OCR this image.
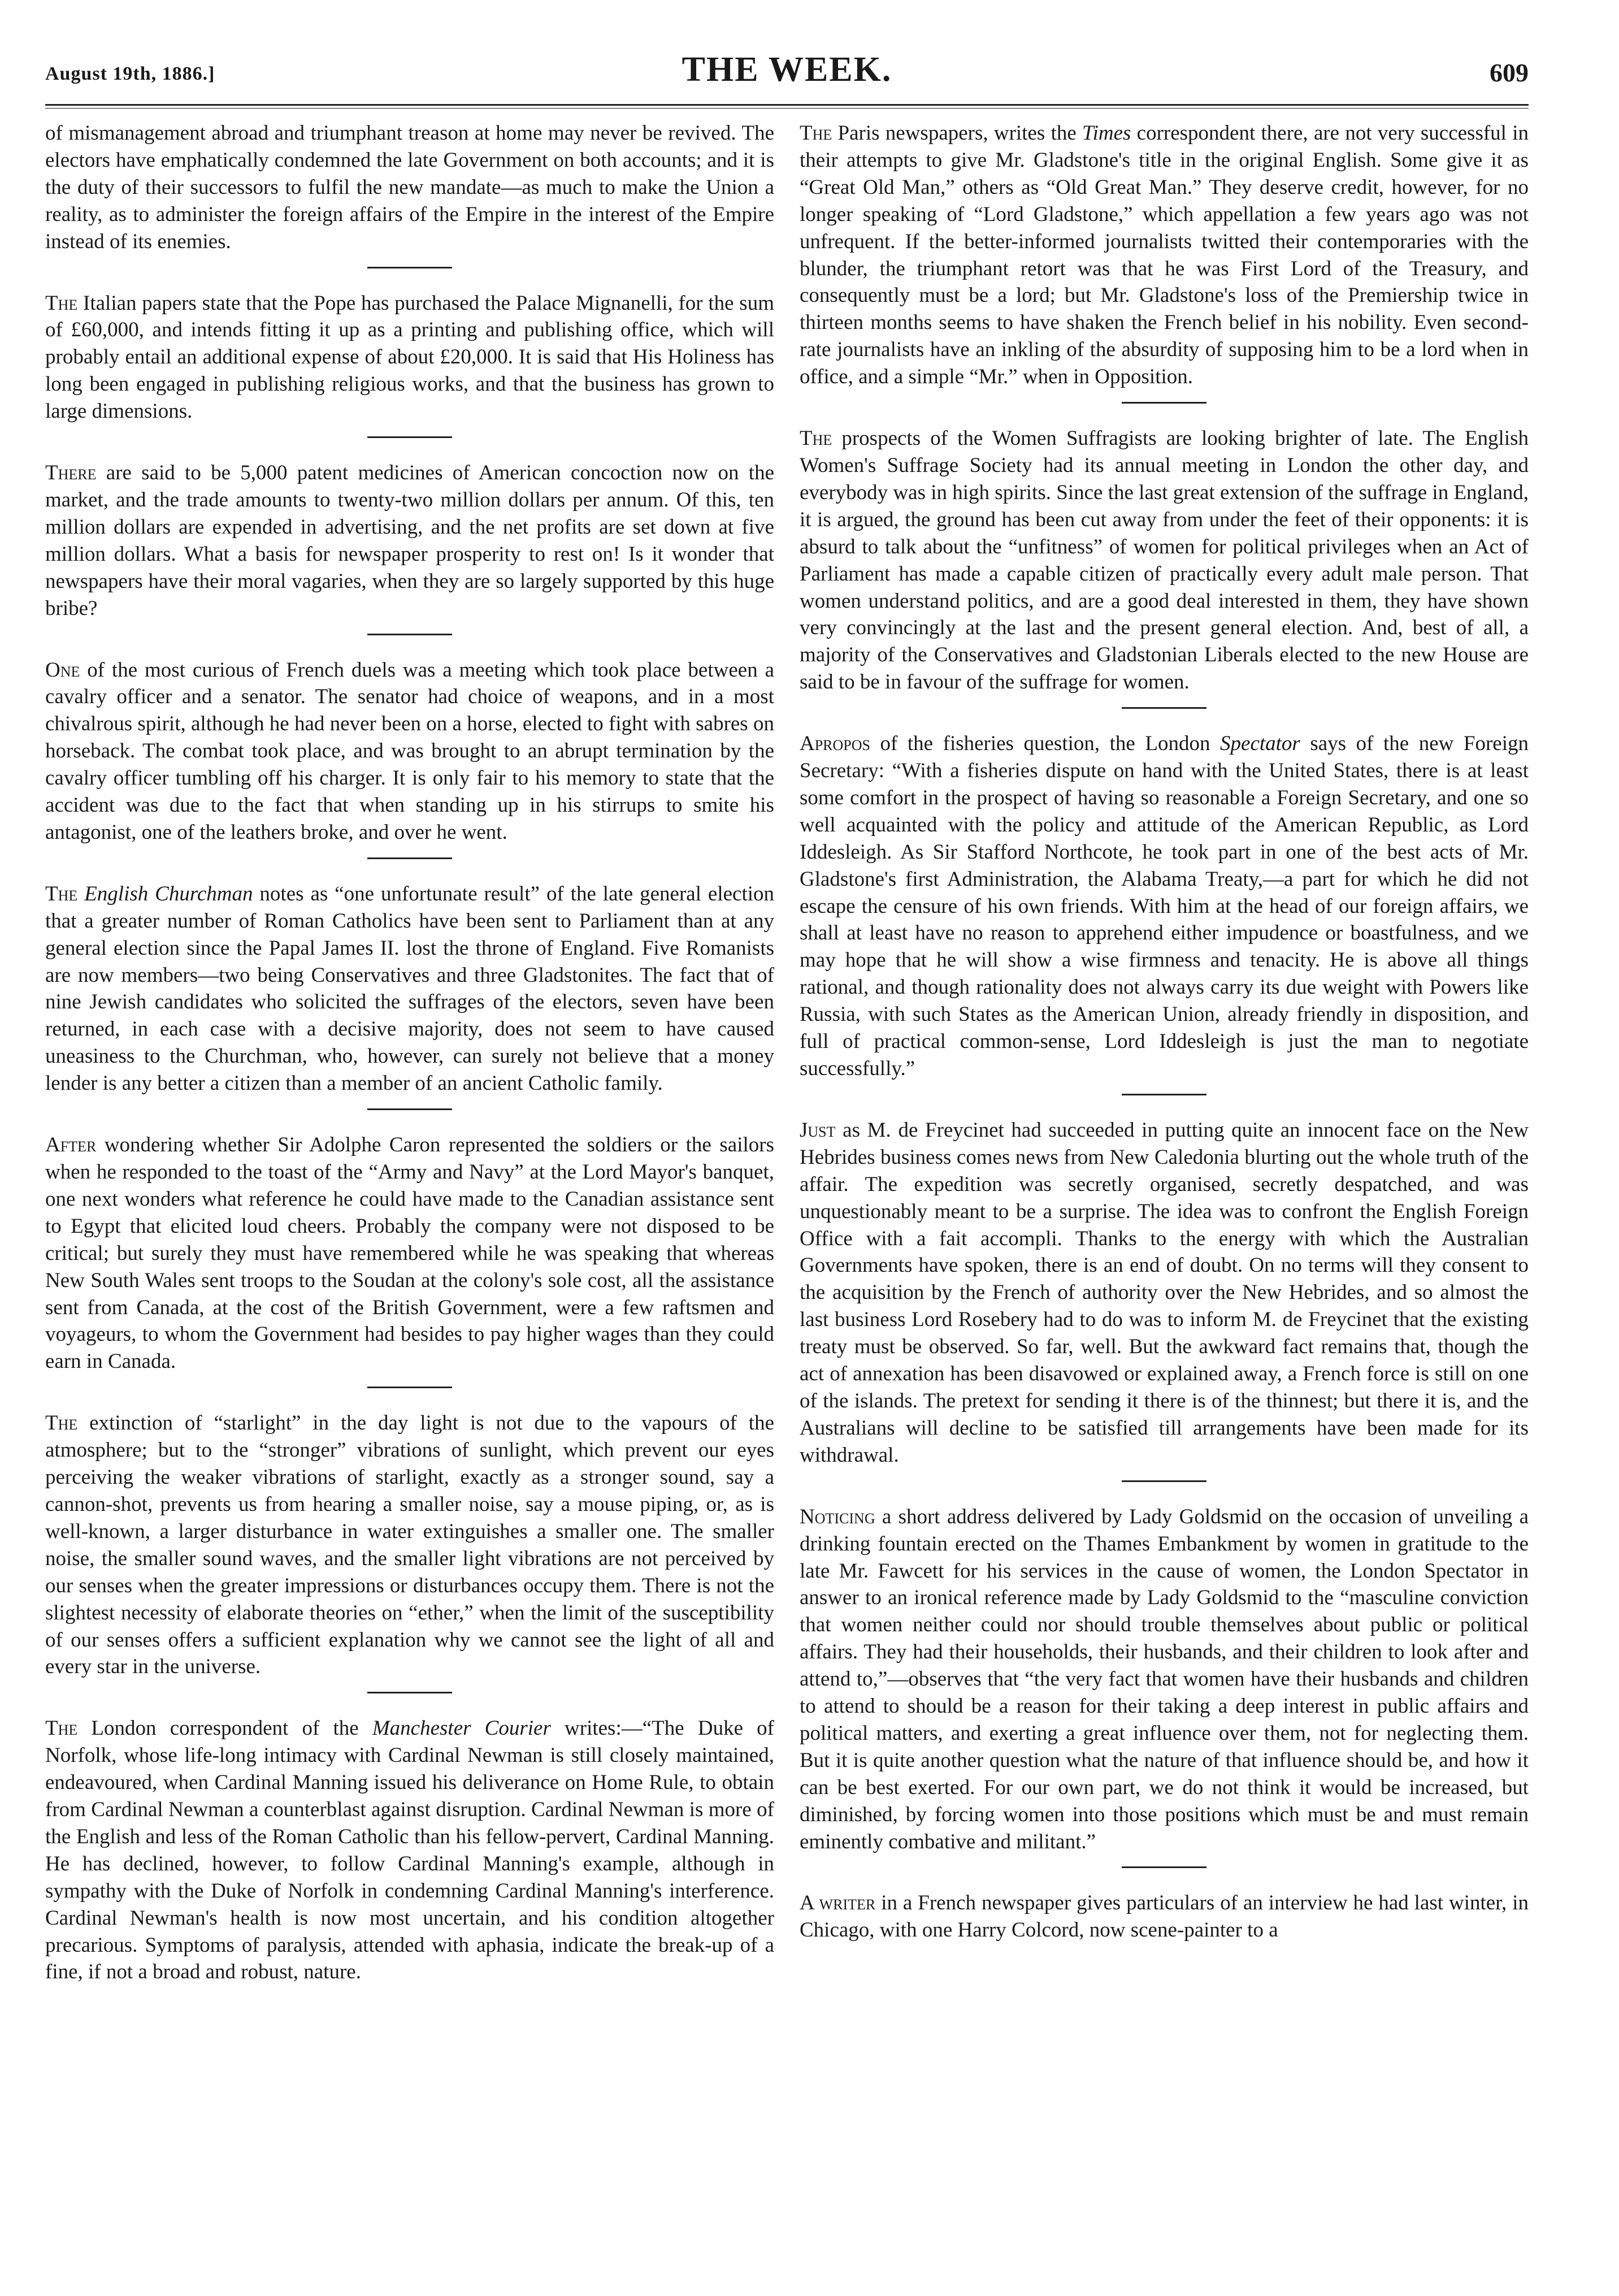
August 19th, 1886.]	THE WEEK.	609

of mismanagement abroad and triumphant treason at home may never be revived. The electors have emphatically condemned the late Government on both accounts; and it is the duty of their successors to fulfil the new mandate—as much to make the Union a reality, as to administer the foreign affairs of the Empire in the interest of the Empire instead of its enemies.

The Italian papers state that the Pope has purchased the Palace Mignanelli, for the sum of £60,000, and intends fitting it up as a printing and publishing office, which will probably entail an additional expense of about £20,000. It is said that His Holiness has long been engaged in publishing religious works, and that the business has grown to large dimensions.

There are said to be 5,000 patent medicines of American concoction now on the market, and the trade amounts to twenty-two million dollars per annum. Of this, ten million dollars are expended in advertising, and the net profits are set down at five million dollars. What a basis for newspaper prosperity to rest on! Is it wonder that newspapers have their moral vagaries, when they are so largely supported by this huge bribe?

One of the most curious of French duels was a meeting which took place between a cavalry officer and a senator. The senator had choice of weapons, and in a most chivalrous spirit, although he had never been on a horse, elected to fight with sabres on horseback. The combat took place, and was brought to an abrupt termination by the cavalry officer tumbling off his charger. It is only fair to his memory to state that the accident was due to the fact that when standing up in his stirrups to smite his antagonist, one of the leathers broke, and over he went.

The English Churchman notes as “one unfortunate result” of the late general election that a greater number of Roman Catholics have been sent to Parliament than at any general election since the Papal James II. lost the throne of England. Five Romanists are now members—two being Conservatives and three Gladstonites. The fact that of nine Jewish candidates who solicited the suffrages of the electors, seven have been returned, in each case with a decisive majority, does not seem to have caused uneasiness to the Churchman, who, however, can surely not believe that a money lender is any better a citizen than a member of an ancient Catholic family.

After wondering whether Sir Adolphe Caron represented the soldiers or the sailors when he responded to the toast of the “Army and Navy” at the Lord Mayor's banquet, one next wonders what reference he could have made to the Canadian assistance sent to Egypt that elicited loud cheers. Probably the company were not disposed to be critical; but surely they must have remembered while he was speaking that whereas New South Wales sent troops to the Soudan at the colony's sole cost, all the assistance sent from Canada, at the cost of the British Government, were a few raftsmen and voyageurs, to whom the Government had besides to pay higher wages than they could earn in Canada.

The extinction of “starlight” in the day light is not due to the vapours of the atmosphere; but to the “stronger” vibrations of sunlight, which prevent our eyes perceiving the weaker vibrations of starlight, exactly as a stronger sound, say a cannon-shot, prevents us from hearing a smaller noise, say a mouse piping, or, as is well-known, a larger disturbance in water extinguishes a smaller one. The smaller noise, the smaller sound waves, and the smaller light vibrations are not perceived by our senses when the greater impressions or disturbances occupy them. There is not the slightest necessity of elaborate theories on “ether,” when the limit of the susceptibility of our senses offers a sufficient explanation why we cannot see the light of all and every star in the universe.

The London correspondent of the Manchester Courier writes:—“The Duke of Norfolk, whose life-long intimacy with Cardinal Newman is still closely maintained, endeavoured, when Cardinal Manning issued his deliverance on Home Rule, to obtain from Cardinal Newman a counterblast against disruption. Cardinal Newman is more of the English and less of the Roman Catholic than his fellow-pervert, Cardinal Manning. He has declined, however, to follow Cardinal Manning's example, although in sympathy with the Duke of Norfolk in condemning Cardinal Manning's interference. Cardinal Newman's health is now most uncertain, and his condition altogether precarious. Symptoms of paralysis, attended with aphasia, indicate the break-up of a fine, if not a broad and robust, nature.

The Paris newspapers, writes the Times correspondent there, are not very successful in their attempts to give Mr. Gladstone's title in the original English. Some give it as “Great Old Man,” others as “Old Great Man.” They deserve credit, however, for no longer speaking of “Lord Gladstone,” which appellation a few years ago was not unfrequent. If the better-informed journalists twitted their contemporaries with the blunder, the triumphant retort was that he was First Lord of the Treasury, and consequently must be a lord; but Mr. Gladstone's loss of the Premiership twice in thirteen months seems to have shaken the French belief in his nobility. Even second-rate journalists have an inkling of the absurdity of supposing him to be a lord when in office, and a simple “Mr.” when in Opposition.

The prospects of the Women Suffragists are looking brighter of late. The English Women's Suffrage Society had its annual meeting in London the other day, and everybody was in high spirits. Since the last great extension of the suffrage in England, it is argued, the ground has been cut away from under the feet of their opponents: it is absurd to talk about the “unfitness” of women for political privileges when an Act of Parliament has made a capable citizen of practically every adult male person. That women understand politics, and are a good deal interested in them, they have shown very convincingly at the last and the present general election. And, best of all, a majority of the Conservatives and Gladstonian Liberals elected to the new House are said to be in favour of the suffrage for women.

Apropos of the fisheries question, the London Spectator says of the new Foreign Secretary: “With a fisheries dispute on hand with the United States, there is at least some comfort in the prospect of having so reasonable a Foreign Secretary, and one so well acquainted with the policy and attitude of the American Republic, as Lord Iddesleigh. As Sir Stafford Northcote, he took part in one of the best acts of Mr. Gladstone's first Administration, the Alabama Treaty,—a part for which he did not escape the censure of his own friends. With him at the head of our foreign affairs, we shall at least have no reason to apprehend either impudence or boastfulness, and we may hope that he will show a wise firmness and tenacity. He is above all things rational, and though rationality does not always carry its due weight with Powers like Russia, with such States as the American Union, already friendly in disposition, and full of practical common-sense, Lord Iddesleigh is just the man to negotiate successfully.”

Just as M. de Freycinet had succeeded in putting quite an innocent face on the New Hebrides business comes news from New Caledonia blurting out the whole truth of the affair. The expedition was secretly organised, secretly despatched, and was unquestionably meant to be a surprise. The idea was to confront the English Foreign Office with a fait accompli. Thanks to the energy with which the Australian Governments have spoken, there is an end of doubt. On no terms will they consent to the acquisition by the French of authority over the New Hebrides, and so almost the last business Lord Rosebery had to do was to inform M. de Freycinet that the existing treaty must be observed. So far, well. But the awkward fact remains that, though the act of annexation has been disavowed or explained away, a French force is still on one of the islands. The pretext for sending it there is of the thinnest; but there it is, and the Australians will decline to be satisfied till arrangements have been made for its withdrawal.

Noticing a short address delivered by Lady Goldsmid on the occasion of unveiling a drinking fountain erected on the Thames Embankment by women in gratitude to the late Mr. Fawcett for his services in the cause of women, the London Spectator in answer to an ironical reference made by Lady Goldsmid to the “masculine conviction that women neither could nor should trouble themselves about public or political affairs. They had their households, their husbands, and their children to look after and attend to,”—observes that “the very fact that women have their husbands and children to attend to should be a reason for their taking a deep interest in public affairs and political matters, and exerting a great influence over them, not for neglecting them. But it is quite another question what the nature of that influence should be, and how it can be best exerted. For our own part, we do not think it would be increased, but diminished, by forcing women into those positions which must be and must remain eminently combative and militant.”

A writer in a French newspaper gives particulars of an interview he had last winter, in Chicago, with one Harry Colcord, now scene-painter to a
